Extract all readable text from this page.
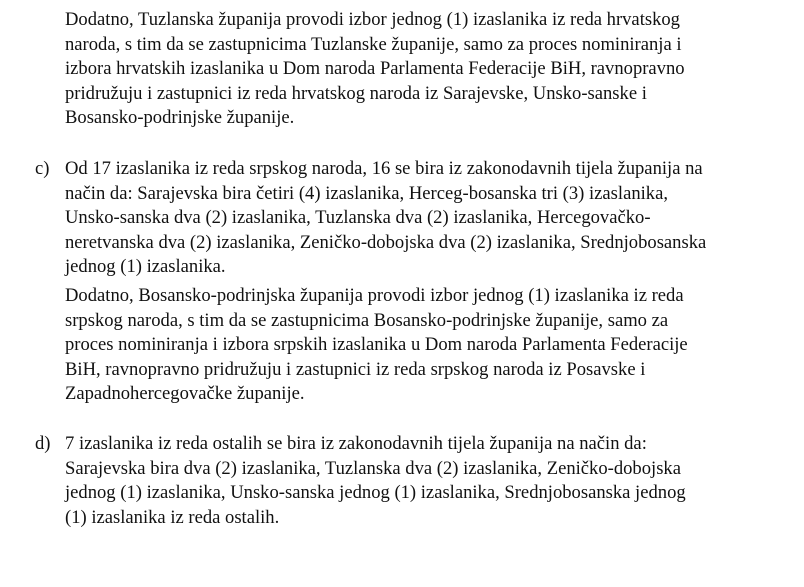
Dodatno, Tuzlanska županija provodi izbor jednog (1) izaslanika iz reda hrvatskog
naroda, s tim da se zastupnicima Tuzlanske županije, samo za proces nominiranja i
izbora hrvatskih izaslanika u Dom naroda Parlamenta Federacije BiH, ravnopravno
pridružuju i zastupnici iz reda hrvatskog naroda iz Sarajevske, Unsko-sanske i
Bosansko-podrinjske županije.

c) Od 17 izaslanika iz reda srpskog naroda, 16 se bira iz zakonodavnih tijela županija na
način da: Sarajevska bira četiri (4) izaslanika, Herceg-bosanska tri (3) izaslanika,
Unsko-sanska dva (2) izaslanika, Tuzlanska dva (2) izaslanika, Hercegovačko-
neretvanska dva (2) izaslanika, Zeničko-dobojska dva (2) izaslanika, Srednjobosanska
jednog (1) izaslanika.

Dodatno, Bosansko-podrinjska županija provodi izbor jednog (1) izaslanika iz reda
srpskog naroda, s tim da se zastupnicima Bosansko-podrinjske županije, samo za
proces nominiranja i izbora srpskih izaslanika u Dom naroda Parlamenta Federacije
BiH, ravnopravno pridružuju i zastupnici iz reda srpskog naroda iz Posavske i
Zapadnohercegovačke županije.

d) 7 izaslanika iz reda ostalih se bira iz zakonodavnih tijela županija na način da:
Sarajevska bira dva (2) izaslanika, Tuzlanska dva (2) izaslanika, Zeničko-dobojska
jednog (1) izaslanika, Unsko-sanska jednog (1) izaslanika, Srednjobosanska jednog
(1) izaslanika iz reda ostalih.
